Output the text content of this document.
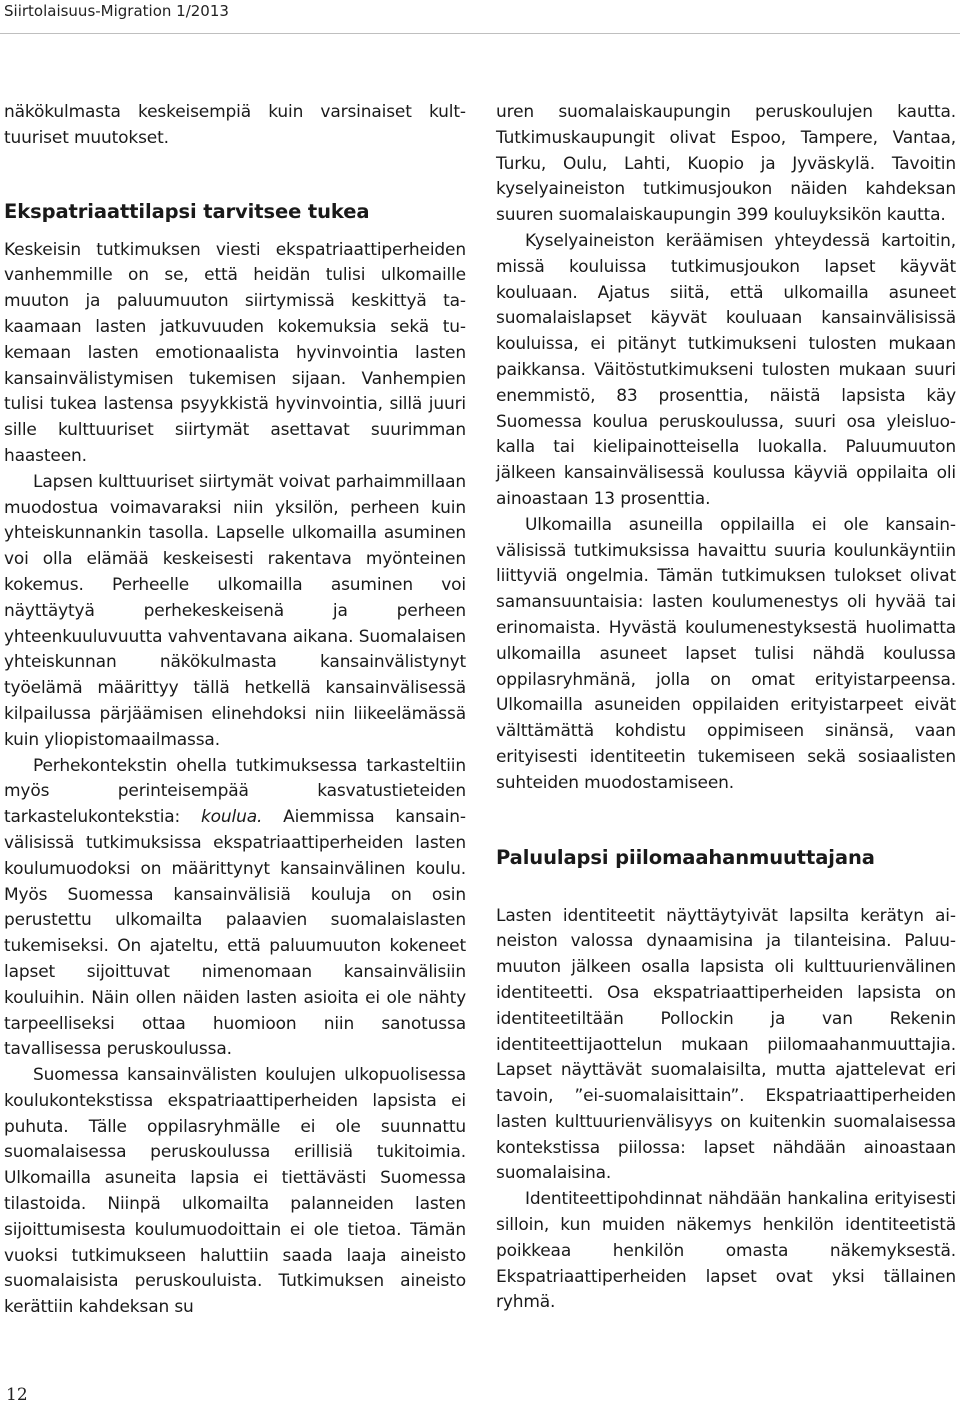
Siirtolaisuus-Migration 1/2013

näkökulmasta keskeisempiä kuin varsinaiset kulttuuriset muutokset.

Ekspatriaattilapsi tarvitsee tukea

Keskeisin tutkimuksen viesti ekspatriaattiperheiden vanhemmille on se, että heidän tulisi ulkomaille muuton ja paluumuuton siirtymissä keskittyä takaamaan lasten jatkuvuuden kokemuksia sekä tukemaan lasten emotionaalista hyvinvointia lasten kansainvälistymisen tukemisen sijaan. Vanhempien tulisi tukea lastensa psyykkistä hyvinvointia, sillä juuri sille kulttuuriset siirtymät asettavat suurimman haasteen.

Lapsen kulttuuriset siirtymät voivat parhaimmillaan muodostua voimavaraksi niin yksilön, perheen kuin yhteiskunnankin tasolla. Lapselle ulkomailla asuminen voi olla elämää keskeisesti rakentava myönteinen kokemus. Perheelle ulkomailla asuminen voi näyttäytyä perhekeskeisenä ja perheen yhteenkuuluvuutta vahventavana aikana. Suomalaisen yhteiskunnan näkökulmasta kansainvälistynyt työelämä määrittyy tällä hetkellä kansainvälisessä kilpailussa pärjäämisen elinehdoksi niin liikeelämässä kuin yliopistomaailmassa.

Perhekontekstin ohella tutkimuksessa tarkasteltiin myös perinteisempää kasvatustieteiden tarkastelukontekstia: koulua. Aiemmissa kansainvälisissä tutkimuksissa ekspatriaattiperheiden lasten koulumuodoksi on määrittynyt kansainvälinen koulu. Myös Suomessa kansainvälisiä kouluja on osin perustettu ulkomailta palaavien suomalaislasten tukemiseksi. On ajateltu, että paluumuuton kokeneet lapset sijoittuvat nimenomaan kansainvälisiin kouluihin. Näin ollen näiden lasten asioita ei ole nähty tarpeelliseksi ottaa huomioon niin sanotussa tavallisessa peruskoulussa.

Suomessa kansainvälisten koulujen ulkopuolisessa koulukontekstissa ekspatriaattiperheiden lapsista ei puhuta. Tälle oppilasryhmälle ei ole suunnattu suomalaisessa peruskoulussa erillisiä tukitoimia. Ulkomailla asuneita lapsia ei tiettävästi Suomessa tilastoida. Niinpä ulkomailta palanneiden lasten sijoittumisesta koulumuodoittain ei ole tietoa. Tämän vuoksi tutkimukseen haluttiin saada laaja aineisto suomalaisista peruskouluista. Tutkimuksen aineisto kerättiin kahdeksan su

uren suomalaiskaupungin peruskoulujen kautta. Tutkimuskaupungit olivat Espoo, Tampere, Vantaa, Turku, Oulu, Lahti, Kuopio ja Jyväskylä. Tavoitin kyselyaineiston tutkimusjoukon näiden kahdeksan suuren suomalaiskaupungin 399 kouluyksikön kautta.

Kyselyaineiston keräämisen yhteydessä kartoitin, missä kouluissa tutkimusjoukon lapset käyvät kouluaan. Ajatus siitä, että ulkomailla asuneet suomalaislapset käyvät kouluaan kansainvälisissä kouluissa, ei pitänyt tutkimukseni tulosten mukaan paikkansa. Väitöstutkimukseni tulosten mukaan suuri enemmistö, 83 prosenttia, näistä lapsista käy Suomessa koulua peruskoulussa, suuri osa yleisluokalla tai kielipainotteisella luokalla. Paluumuuton jälkeen kansainvälisessä koulussa käyviä oppilaita oli ainoastaan 13 prosenttia.

Ulkomailla asuneilla oppilailla ei ole kansainvälisissä tutkimuksissa havaittu suuria koulunkäyntiin liittyviä ongelmia. Tämän tutkimuksen tulokset olivat samansuuntaisia: lasten koulumenestys oli hyvää tai erinomaista. Hyvästä koulumenestyksestä huolimatta ulkomailla asuneet lapset tulisi nähdä koulussa oppilasryhmänä, jolla on omat erityistarpeensa. Ulkomailla asuneiden oppilaiden erityistarpeet eivät välttämättä kohdistu oppimiseen sinänsä, vaan erityisesti identiteetin tukemiseen sekä sosiaalisten suhteiden muodostamiseen.

Paluulapsi piilomaahanmuuttajana

Lasten identiteetit näyttäytyivät lapsilta kerätyn aineiston valossa dynaamisina ja tilanteisina. Paluumuuton jälkeen osalla lapsista oli kulttuurienvälinen identiteetti. Osa ekspatriaattiperheiden lapsista on identiteetiltään Pollockin ja van Rekenin identiteettijaottelun mukaan piilomaahanmuuttajia. Lapset näyttävät suomalaisilta, mutta ajattelevat eri tavoin, ”ei-suomalaisittain”. Ekspatriaattiperheiden lasten kulttuurienvälisyys on kuitenkin suomalaisessa kontekstissa piilossa: lapset nähdään ainoastaan suomalaisina.

Identiteettipohdinnat nähdään hankalina erityisesti silloin, kun muiden näkemys henkilön identiteetistä poikkeaa henkilön omasta näkemyksestä. Ekspatriaattiperheiden lapset ovat yksi tällainen ryhmä.

12
